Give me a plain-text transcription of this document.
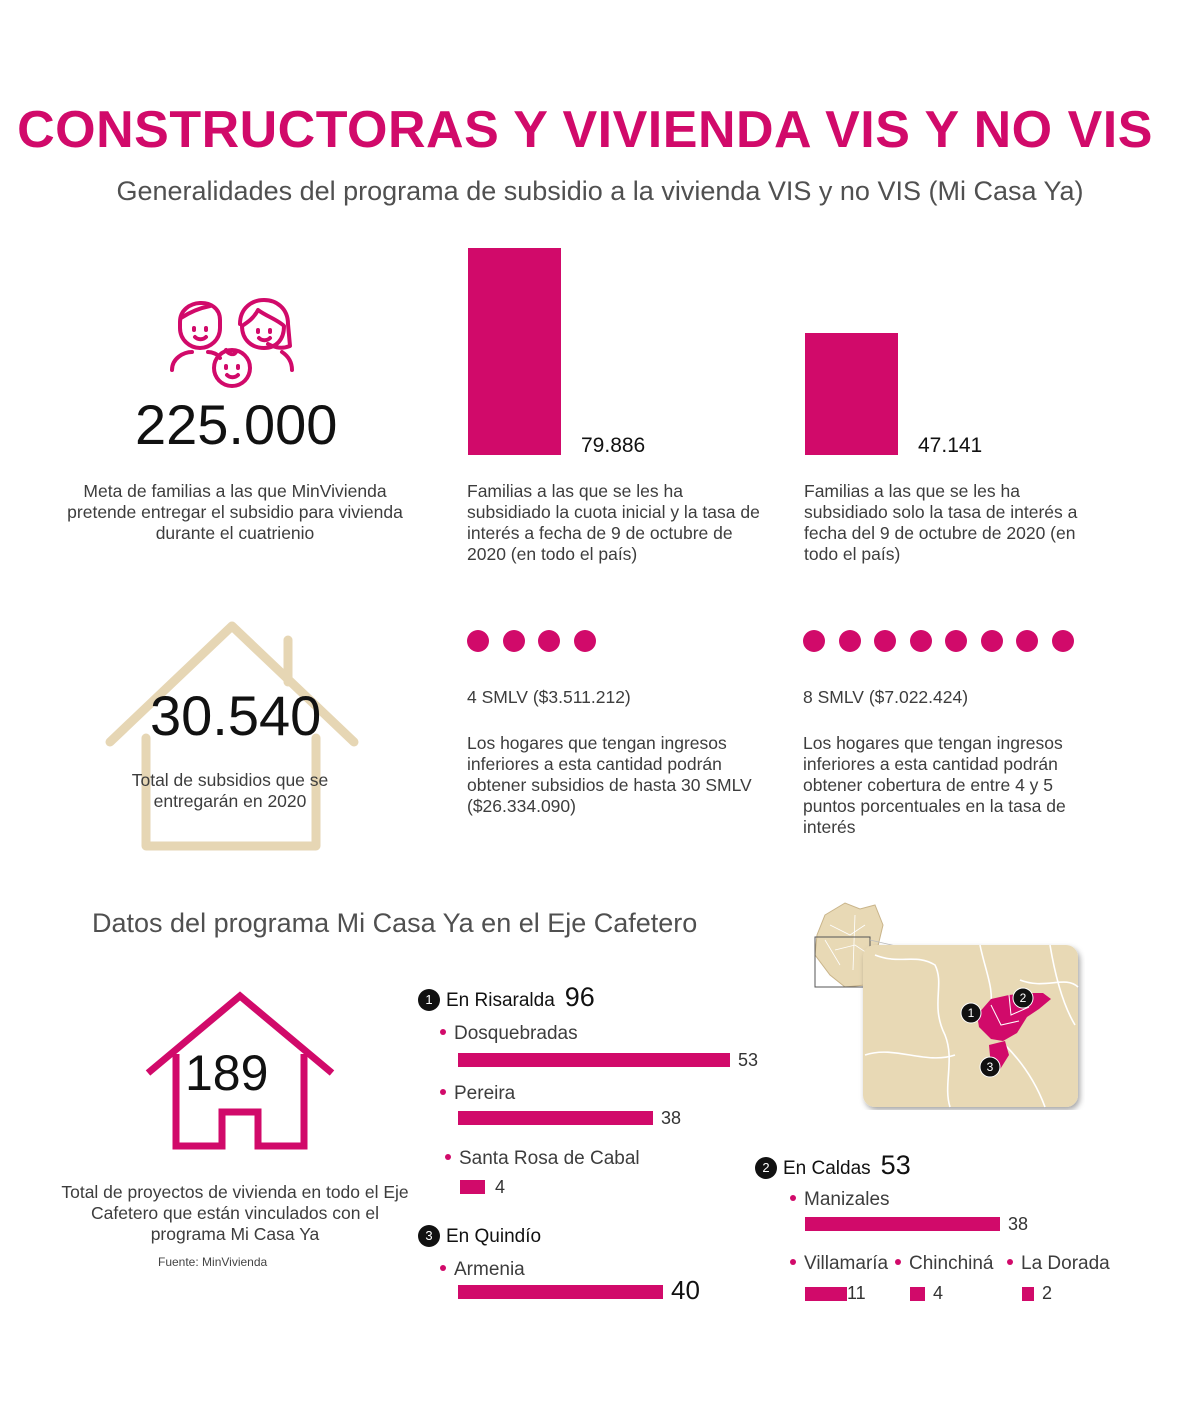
CONSTRUCTORAS Y VIVIENDA VIS Y NO VIS
Generalidades del programa de subsidio a la vivienda VIS y no VIS (Mi Casa Ya)
225.000
Meta de familias a las que MinVivienda pretende entregar el subsidio para vivienda durante el cuatrienio
79.886
Familias a las que se les ha subsidiado la cuota inicial y la tasa de interés a fecha de 9 de octubre de 2020 (en todo el país)
47.141
Familias a las que se les ha subsidiado solo la tasa de interés a fecha del 9 de octubre de 2020 (en todo el país)
4 SMLV ($3.511.212)
Los hogares que tengan ingresos inferiores a esta cantidad podrán obtener subsidios de hasta 30 SMLV ($26.334.090)
8 SMLV ($7.022.424)
Los hogares que tengan ingresos inferiores a esta cantidad podrán obtener cobertura de entre 4 y 5 puntos porcentuales en la tasa de interés
30.540
Total de subsidios que se entregarán en 2020
Datos del programa Mi Casa Ya en el Eje Cafetero
189
Total de proyectos de vivienda en todo el Eje Cafetero que están vinculados con el programa Mi Casa Ya
Fuente: MinVivienda
1
2
3
1 En Risaralda 96
Dosquebradas
53
Pereira
38
Santa Rosa de Cabal
4
3 En Quindío
Armenia
40
2 En Caldas 53
Manizales
38
Villamaría
11
Chinchiná
4
La Dorada
2
